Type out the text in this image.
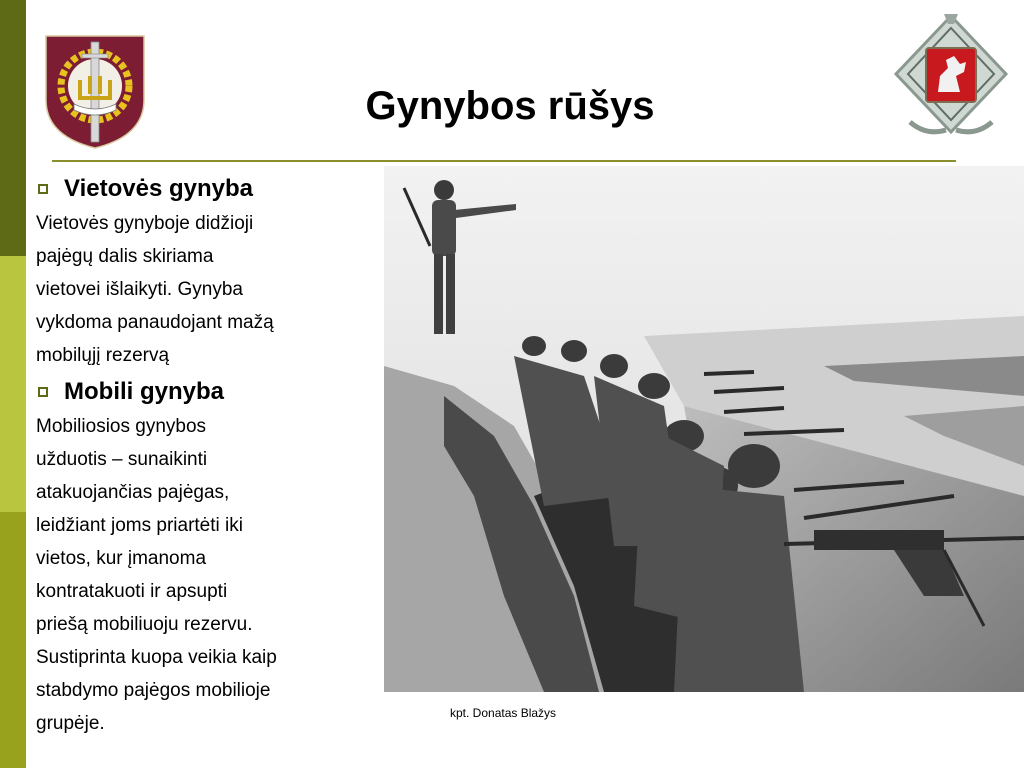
Gynybos rūšys
Vietovės gynyba
Vietovės gynyboje didžioji
pajėgų dalis skiriama
vietovei išlaikyti. Gynyba
vykdoma panaudojant mažą
mobilųjį rezervą
Mobili gynyba
Mobiliosios gynybos
užduotis – sunaikinti
atakuojančias pajėgas,
leidžiant joms priartėti iki
vietos, kur įmanoma
kontratakuoti ir apsupti
priešą mobiliuoju rezervu.
Sustiprinta kuopa veikia kaip
stabdymo pajėgos mobilioje
grupėje.	kpt. Donatas Blažys
